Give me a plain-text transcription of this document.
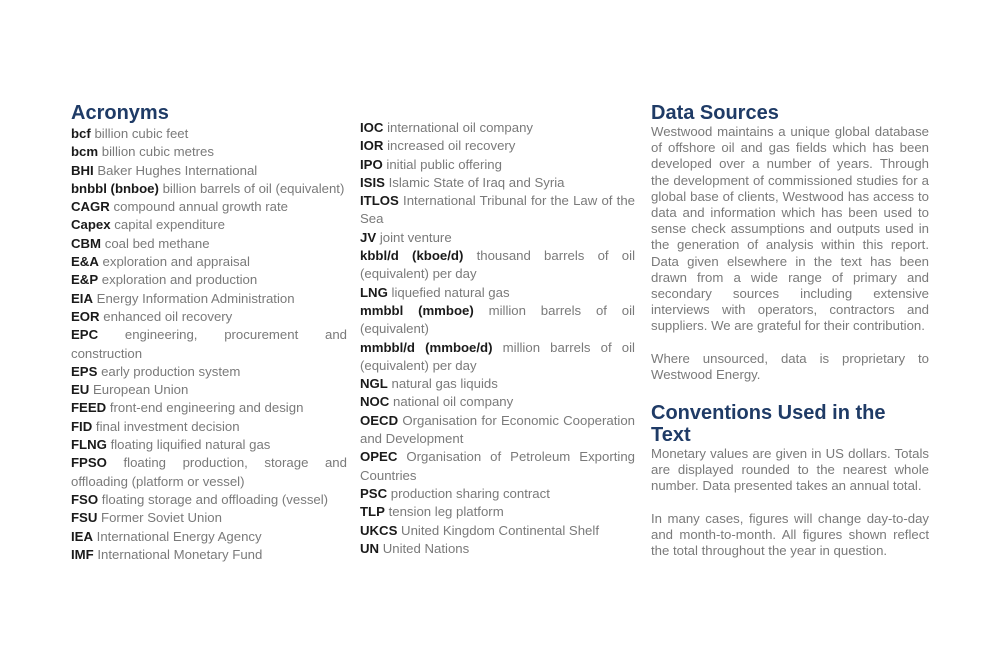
Acronyms
bcf billion cubic feet
bcm billion cubic metres
BHI Baker Hughes International
bnbbl (bnboe) billion barrels of oil (equivalent)
CAGR compound annual growth rate
Capex capital expenditure
CBM coal bed methane
E&A exploration and appraisal
E&P exploration and production
EIA Energy Information Administration
EOR enhanced oil recovery
EPC engineering, procurement and construction
EPS early production system
EU European Union
FEED front-end engineering and design
FID final investment decision
FLNG floating liquified natural gas
FPSO floating production, storage and offloading (platform or vessel)
FSO floating storage and offloading (vessel)
FSU Former Soviet Union
IEA International Energy Agency
IMF International Monetary Fund
IOC international oil company
IOR increased oil recovery
IPO initial public offering
ISIS Islamic State of Iraq and Syria
ITLOS International Tribunal for the Law of the Sea
JV joint venture
kbbl/d (kboe/d) thousand barrels of oil (equivalent) per day
LNG liquefied natural gas
mmbbl (mmboe) million barrels of oil (equivalent)
mmbbl/d (mmboe/d) million barrels of oil (equivalent) per day
NGL natural gas liquids
NOC national oil company
OECD Organisation for Economic Cooperation and Development
OPEC Organisation of Petroleum Exporting Countries
PSC production sharing contract
TLP tension leg platform
UKCS United Kingdom Continental Shelf
UN United Nations
Data Sources

Westwood maintains a unique global database of offshore oil and gas fields which has been developed over a number of years. Through the development of commissioned studies for a global base of clients, Westwood has access to data and information which has been used to sense check assumptions and outputs used in the generation of analysis within this report. Data given elsewhere in the text has been drawn from a wide range of primary and secondary sources including extensive interviews with operators, contractors and suppliers. We are grateful for their contribution.

Where unsourced, data is proprietary to Westwood Energy.

Conventions Used in the Text

Monetary values are given in US dollars. Totals are displayed rounded to the nearest whole number. Data presented takes an annual total.

In many cases, figures will change day-to-day and month-to-month. All figures shown reflect the total throughout the year in question.
